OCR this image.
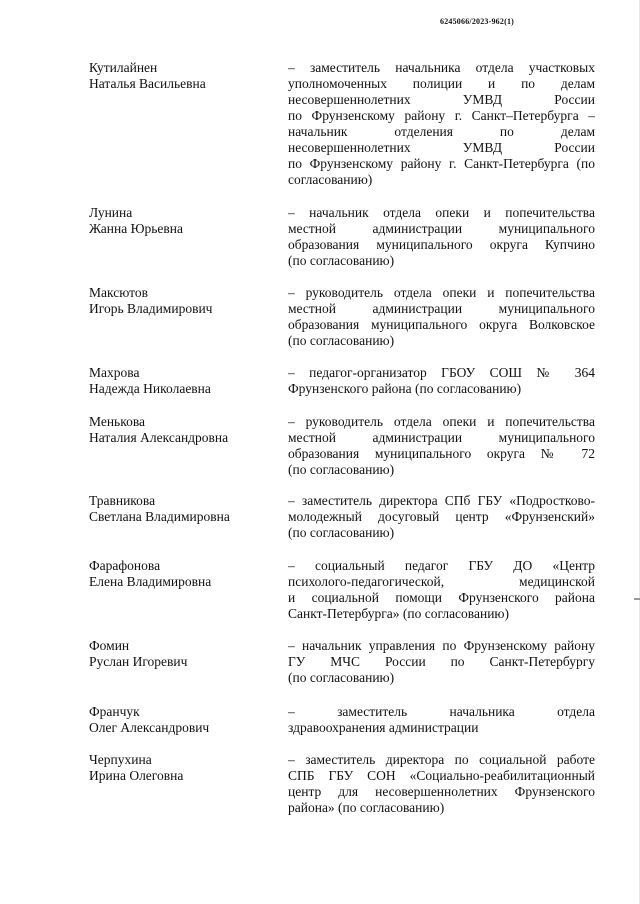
6245066/2023-962(1)
Кутилайнен
Наталья Васильевна
– заместитель начальника отдела участковых
уполномоченных полиции и по делам
несовершеннолетних УМВД России
по Фрунзенскому району г. Санкт–Петербурга –
начальник отделения по делам
несовершеннолетних УМВД России
по Фрунзенскому району г. Санкт-Петербурга (по
согласованию)
Лунина
Жанна Юрьевна
– начальник отдела опеки и попечительства
местной администрации муниципального
образования муниципального округа Купчино
(по согласованию)
Максютов
Игорь Владимирович
– руководитель отдела опеки и попечительства
местной администрации муниципального
образования муниципального округа Волковское
(по согласованию)
Махрова
Надежда Николаевна
– педагог-организатор ГБОУ СОШ № 364
Фрунзенского района (по согласованию)
Менькова
Наталия Александровна
– руководитель отдела опеки и попечительства
местной администрации муниципального
образования муниципального округа № 72
(по согласованию)
Травникова
Светлана Владимировна
– заместитель директора СПб ГБУ «Подростково-
молодежный досуговый центр «Фрунзенский»
(по согласованию)
Фарафонова
Елена Владимировна
– социальный педагог ГБУ ДО «Центр
психолого-педагогической, медицинской
и социальной помощи Фрунзенского района
Санкт-Петербурга» (по согласованию)
Фомин
Руслан Игоревич
– начальник управления по Фрунзенскому району
ГУ МЧС России по Санкт-Петербургу
(по согласованию)
Франчук
Олег Александрович
– заместитель начальника отдела
здравоохранения администрации
Черпухина
Ирина Олеговна
– заместитель директора по социальной работе
СПБ ГБУ СОН «Социально-реабилитационный
центр для несовершеннолетних Фрунзенского
района» (по согласованию)
